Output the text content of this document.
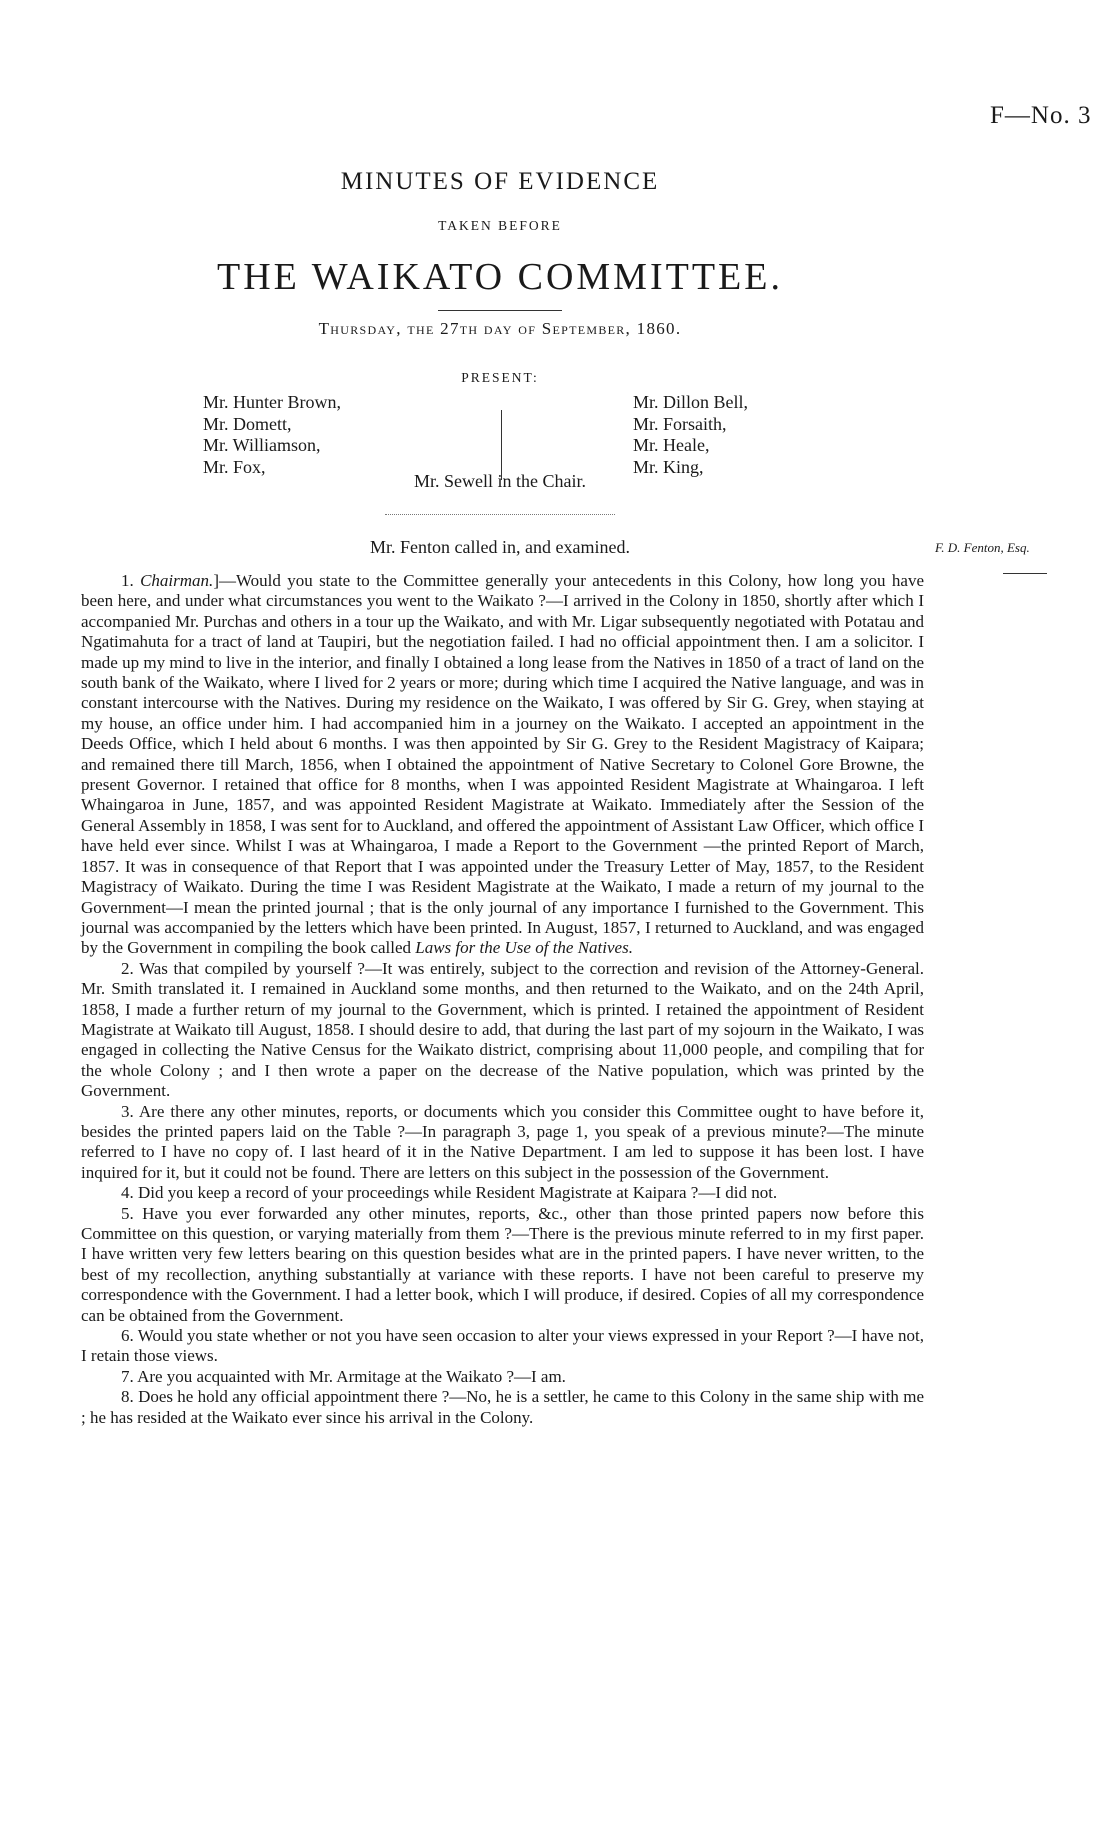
F—No. 3
MINUTES OF EVIDENCE
TAKEN BEFORE
THE WAIKATO COMMITTEE.
Thursday, the 27th day of September, 1860.
PRESENT:
Mr. Hunter Brown,
Mr. Domett,
Mr. Williamson,
Mr. Fox,
Mr. Dillon Bell,
Mr. Forsaith,
Mr. Heale,
Mr. King,
Mr. Sewell in the Chair.
Mr. Fenton called in, and examined.	F. D. Fenton, Esq.

1. Chairman.]—Would you state to the Committee generally your antecedents in this Colony, how long you have been here, and under what circumstances you went to the Waikato ?—I arrived in the Colony in 1850, shortly after which I accompanied Mr. Purchas and others in a tour up the Waikato, and with Mr. Ligar subsequently negotiated with Potatau and Ngatimahuta for a tract of land at Taupiri, but the negotiation failed. I had no official appointment then. I am a solicitor. I made up my mind to live in the interior, and finally I obtained a long lease from the Natives in 1850 of a tract of land on the south bank of the Waikato, where I lived for 2 years or more; during which time I acquired the Native language, and was in constant intercourse with the Natives. During my residence on the Waikato, I was offered by Sir G. Grey, when staying at my house, an office under him. I had accompanied him in a journey on the Waikato. I accepted an appointment in the Deeds Office, which I held about 6 months. I was then appointed by Sir G. Grey to the Resident Magistracy of Kaipara; and remained there till March, 1856, when I obtained the appointment of Native Secretary to Colonel Gore Browne, the present Governor. I retained that office for 8 months, when I was appointed Resident Magistrate at Whaingaroa. I left Whaingaroa in June, 1857, and was appointed Resident Magistrate at Waikato. Immediately after the Session of the General Assembly in 1858, I was sent for to Auckland, and offered the appointment of Assistant Law Officer, which office I have held ever since. Whilst I was at Whaingaroa, I made a Report to the Government —the printed Report of March, 1857. It was in consequence of that Report that I was appointed under the Treasury Letter of May, 1857, to the Resident Magistracy of Waikato. During the time I was Resident Magistrate at the Waikato, I made a return of my journal to the Government—I mean the printed journal ; that is the only journal of any importance I furnished to the Government. This journal was accompanied by the letters which have been printed. In August, 1857, I returned to Auckland, and was engaged by the Government in compiling the book called Laws for the Use of the Natives.

2. Was that compiled by yourself ?—It was entirely, subject to the correction and revision of the Attorney-General. Mr. Smith translated it. I remained in Auckland some months, and then returned to the Waikato, and on the 24th April, 1858, I made a further return of my journal to the Government, which is printed. I retained the appointment of Resident Magistrate at Waikato till August, 1858. I should desire to add, that during the last part of my sojourn in the Waikato, I was engaged in collecting the Native Census for the Waikato district, comprising about 11,000 people, and compiling that for the whole Colony ; and I then wrote a paper on the decrease of the Native population, which was printed by the Government.

3. Are there any other minutes, reports, or documents which you consider this Committee ought to have before it, besides the printed papers laid on the Table ?—In paragraph 3, page 1, you speak of a previous minute?—The minute referred to I have no copy of. I last heard of it in the Native Department. I am led to suppose it has been lost. I have inquired for it, but it could not be found. There are letters on this subject in the possession of the Government.

4. Did you keep a record of your proceedings while Resident Magistrate at Kaipara ?—I did not.

5. Have you ever forwarded any other minutes, reports, &c., other than those printed papers now before this Committee on this question, or varying materially from them ?—There is the previous minute referred to in my first paper. I have written very few letters bearing on this question besides what are in the printed papers. I have never written, to the best of my recollection, anything substantially at variance with these reports. I have not been careful to preserve my correspondence with the Government. I had a letter book, which I will produce, if desired. Copies of all my correspondence can be obtained from the Government.

6. Would you state whether or not you have seen occasion to alter your views expressed in your Report ?—I have not, I retain those views.

7. Are you acquainted with Mr. Armitage at the Waikato ?—I am.

8. Does he hold any official appointment there ?—No, he is a settler, he came to this Colony in the same ship with me ; he has resided at the Waikato ever since his arrival in the Colony.
